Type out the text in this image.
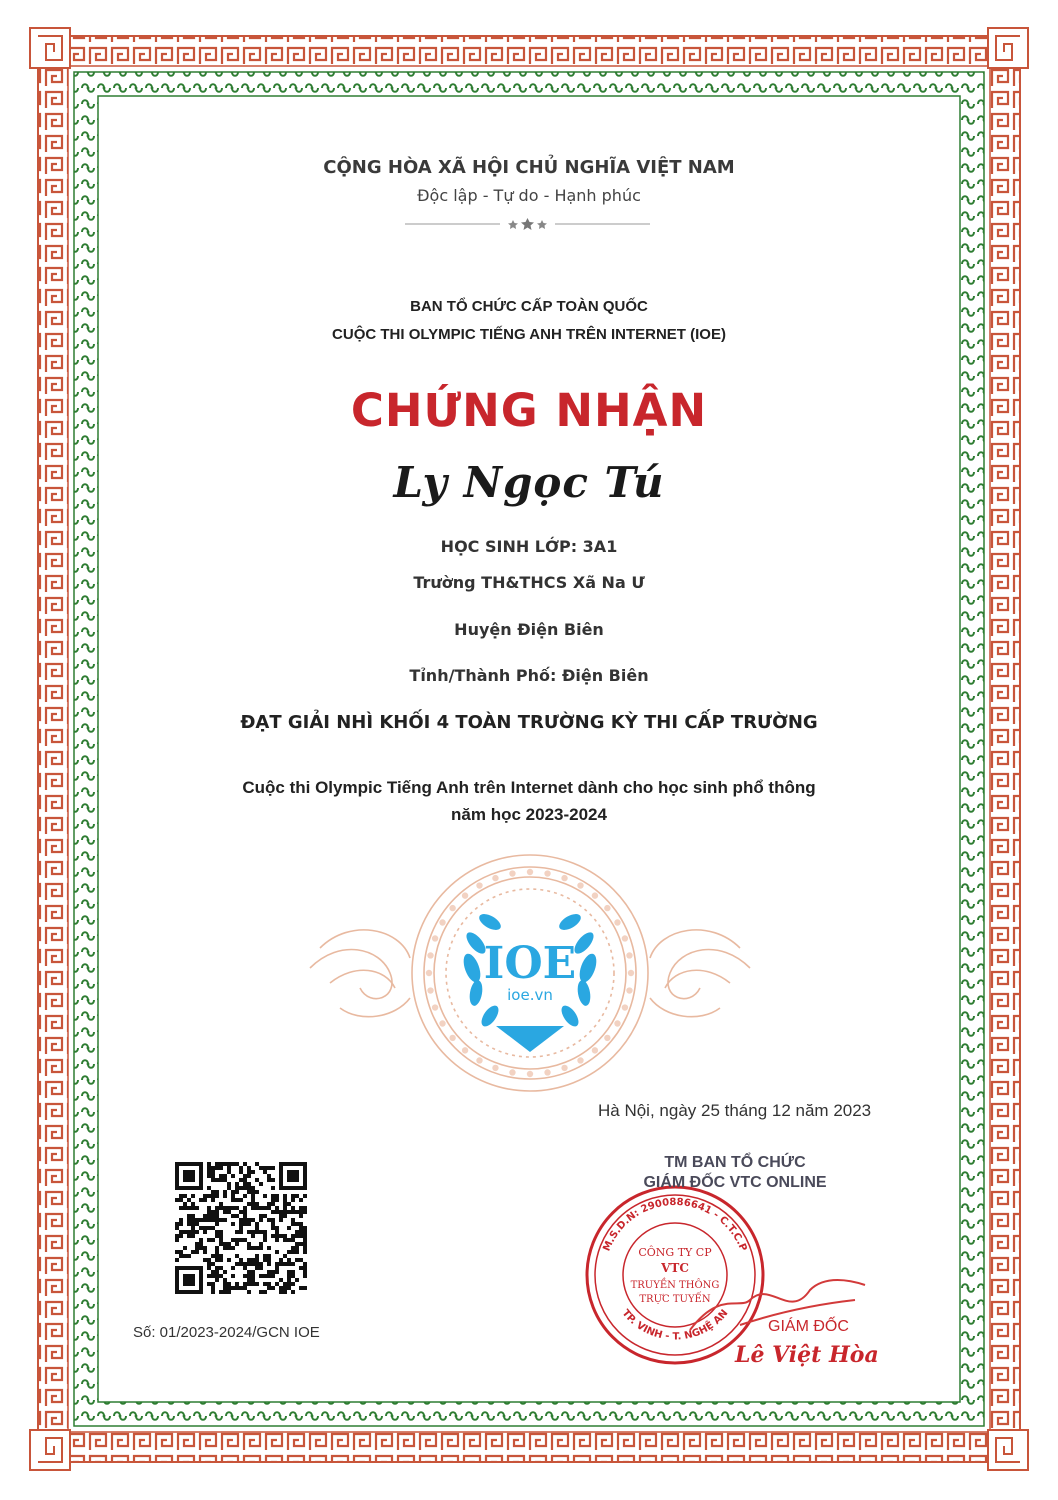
CỘNG HÒA XÃ HỘI CHỦ NGHĨA VIỆT NAM
Độc lập - Tự do - Hạnh phúc
BAN TỔ CHỨC CẤP TOÀN QUỐC
CUỘC THI OLYMPIC TIẾNG ANH TRÊN INTERNET (IOE)
CHỨNG NHẬN
Ly Ngọc Tú
HỌC SINH LỚP: 3A1
Trường TH&THCS Xã Na Ư
Huyện Điện Biên
Tỉnh/Thành Phố: Điện Biên
ĐẠT GIẢI NHÌ KHỐI 4 TOÀN TRƯỜNG KỲ THI CẤP TRƯỜNG
Cuộc thi Olympic Tiếng Anh trên Internet dành cho học sinh phổ thông
năm học 2023-2024
IOE
ioe.vn
Hà Nội, ngày 25 tháng 12 năm 2023
M.S.D.N: 2900886641 - C.T.C.P
TP. VINH - T. NGHỆ AN
CÔNG TY CP
VTC
TRUYỀN THÔNG
TRỰC TUYẾN
TM BAN TỔ CHỨC
GIÁM ĐỐC VTC ONLINE
GIÁM ĐỐC
Lê Việt Hòa
Số: 01/2023-2024/GCN IOE
